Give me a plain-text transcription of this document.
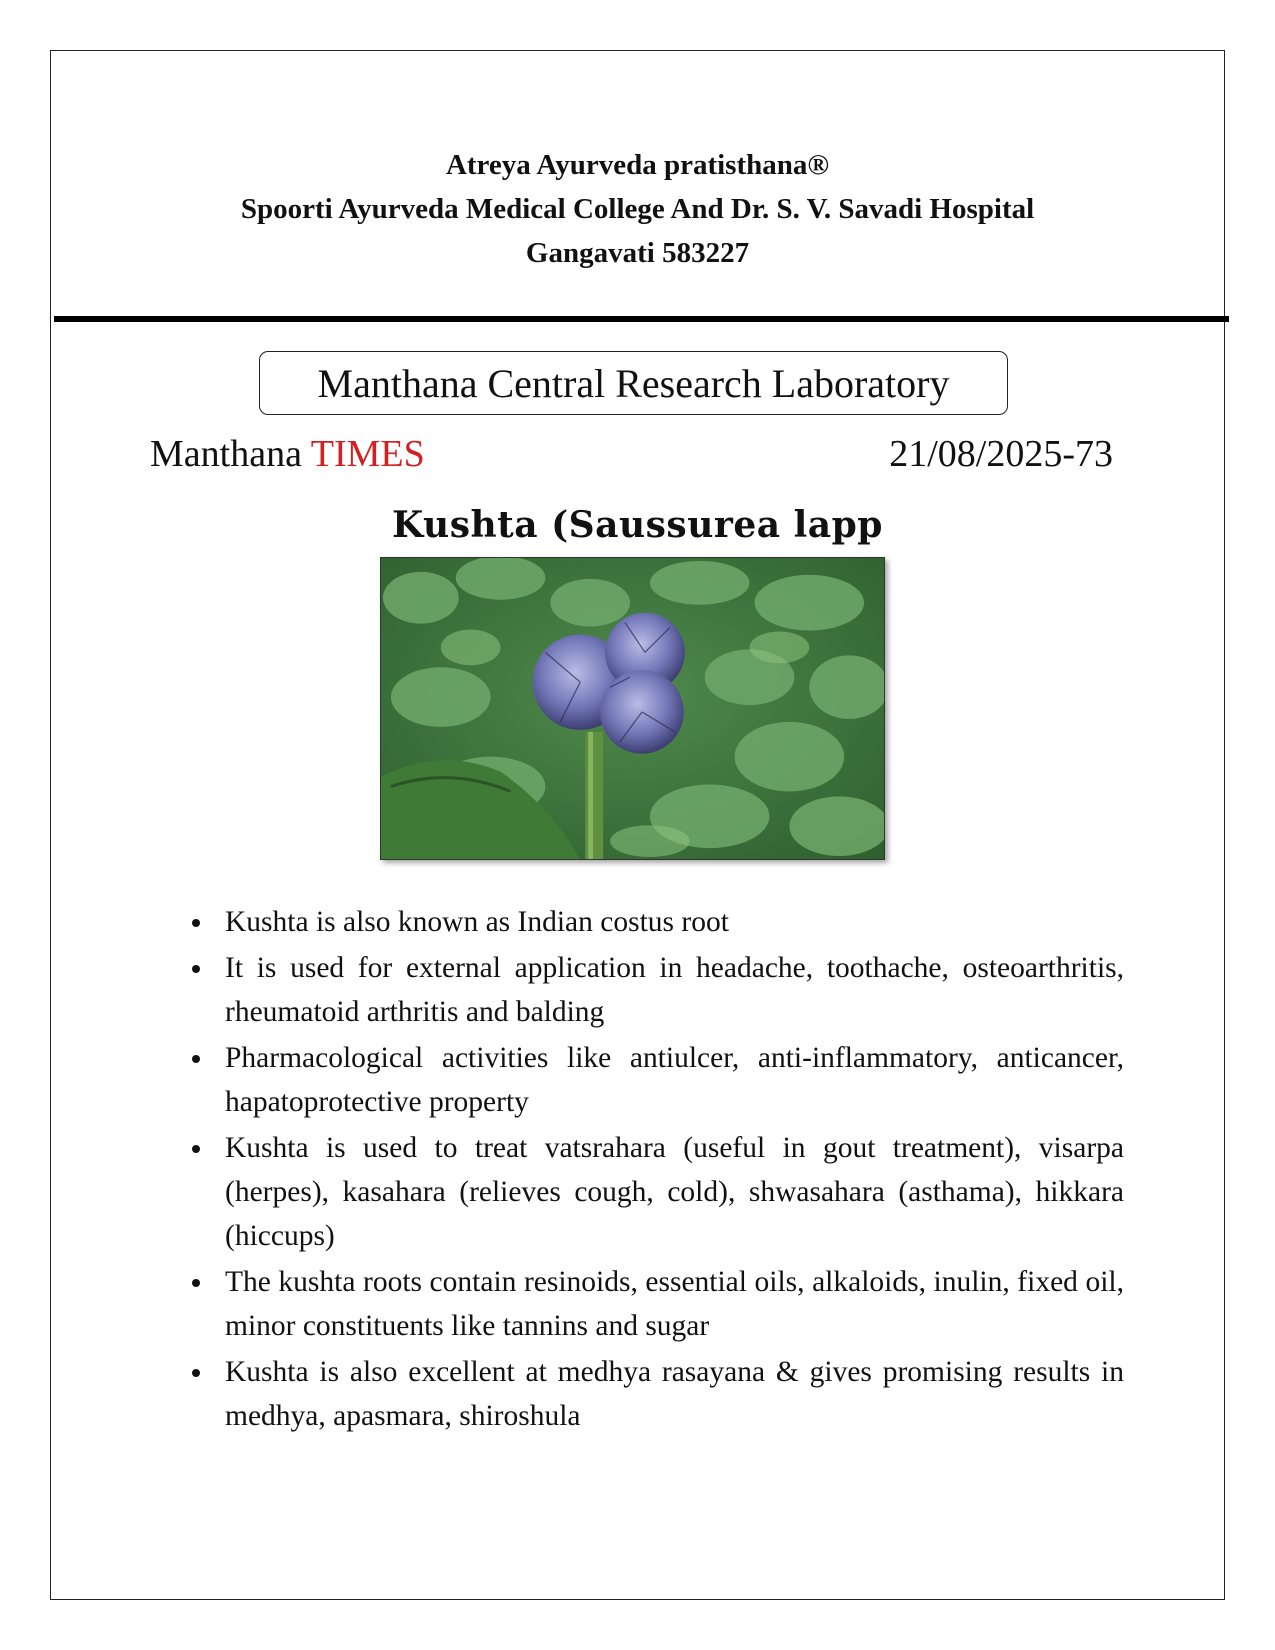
Atreya Ayurveda pratisthana®
Spoorti Ayurveda Medical College And Dr. S. V. Savadi Hospital
Gangavati 583227
Manthana Central Research Laboratory
Manthana TIMES	21/08/2025-73
Kushta (Saussurea lapp
Kushta is also known as Indian costus root
It is used for external application in headache, toothache, osteoarthritis, rheumatoid arthritis and balding
Pharmacological activities like antiulcer, anti-inflammatory, anticancer, hapatoprotective property
Kushta is used to treat vatsrahara (useful in gout treatment), visarpa (herpes), kasahara (relieves cough, cold), shwasahara (asthama), hikkara (hiccups)
The kushta roots contain resinoids, essential oils, alkaloids, inulin, fixed oil, minor constituents like tannins and sugar
Kushta is also excellent at medhya rasayana & gives promising results in medhya, apasmara, shiroshula
